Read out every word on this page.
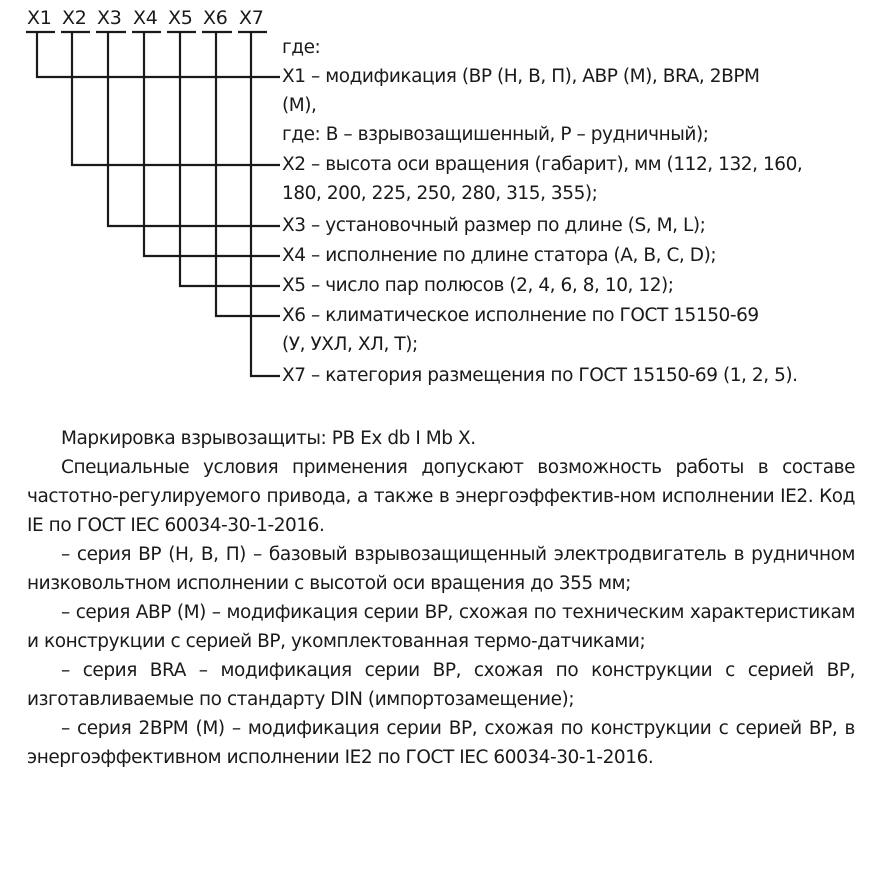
X1 X2 X3 X4 X5 X6 X7
где:
X1 – модификация (ВР (Н, В, П), АВР (М), BRA, 2ВРМ
(М),
где: В – взрывозащишенный, Р – рудничный);
X2 – высота оси вращения (габарит), мм (112, 132, 160,
180, 200, 225, 250, 280, 315, 355);
X3 – установочный размер по длине (S, M, L);
X4 – исполнение по длине статора (A, B, C, D);
X5 – число пар полюсов (2, 4, 6, 8, 10, 12);
X6 – климатическое исполнение по ГОСТ 15150-69
(У, УХЛ, ХЛ, Т);
X7 – категория размещения по ГОСТ 15150-69 (1, 2, 5).

Маркировка взрывозащиты: PB Ex db I Mb X.

Специальные условия применения допускают возможность работы в составе частотно-регулируемого привода, а также в энергоэффектив-ном исполнении IE2. Код IE по ГОСТ IEC 60034-30-1-2016.

– серия ВР (Н, В, П) – базовый взрывозащищенный электродвигатель в рудничном низковольтном исполнении с высотой оси вращения до 355 мм;

– серия АВР (М) – модификация серии ВР, схожая по техническим характеристикам и конструкции с серией ВР, укомплектованная термо-датчиками;

– серия BRA – модификация серии ВР, схожая по конструкции с серией ВР, изготавливаемые по стандарту DIN (импортозамещение);

– серия 2ВРМ (М) – модификация серии ВР, схожая по конструкции с серией ВР, в энергоэффективном исполнении IE2 по ГОСТ IEC 60034-30-1-2016.
